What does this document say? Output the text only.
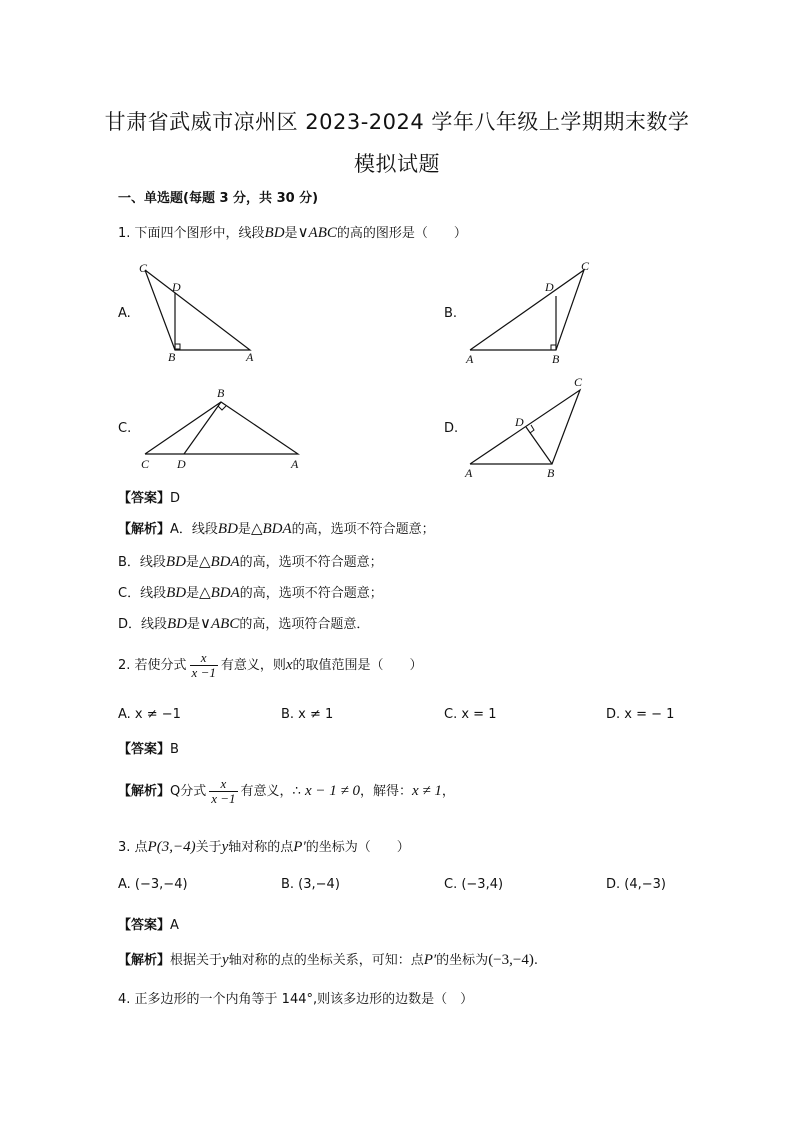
甘肃省武威市凉州区 2023-2024 学年八年级上学期期末数学
模拟试题
一、单选题(每题 3 分，共 30 分)
1. 下面四个图形中，线段BD是∨ABC的高的图形是（　　）
A.
C
D
B	A
B.
C
D
A	B
C.
B
C D	A
D.
C
D
A	B
【答案】D
【解析】A．线段BD是△BDA的高，选项不符合题意；
B．线段BD是△BDA的高，选项不符合题意；
C．线段BD是△BDA的高，选项不符合题意；
D．线段BD是∨ABC的高，选项符合题意．
2. 若使分式 $\frac{x}{x -1}$ 有意义，则x的取值范围是（　　）
A. x ≠ −1	B. x ≠ 1	C. x = 1	D. x = − 1
【答案】B
【解析】Q分式 $\frac{x}{x -1}$ 有意义，∴ x − 1 ≠ 0，解得：x ≠ 1，
3. 点P(3,−4)关于y轴对称的点P′的坐标为（　　）
A. (−3,−4)	B. (3,−4)	C. (−3,4)	D. (4,−3)
【答案】A
【解析】根据关于y轴对称的点的坐标关系，可知：点P′的坐标为(−3,−4).
4. 正多边形的一个内角等于 144°,则该多边形的边数是（　）
